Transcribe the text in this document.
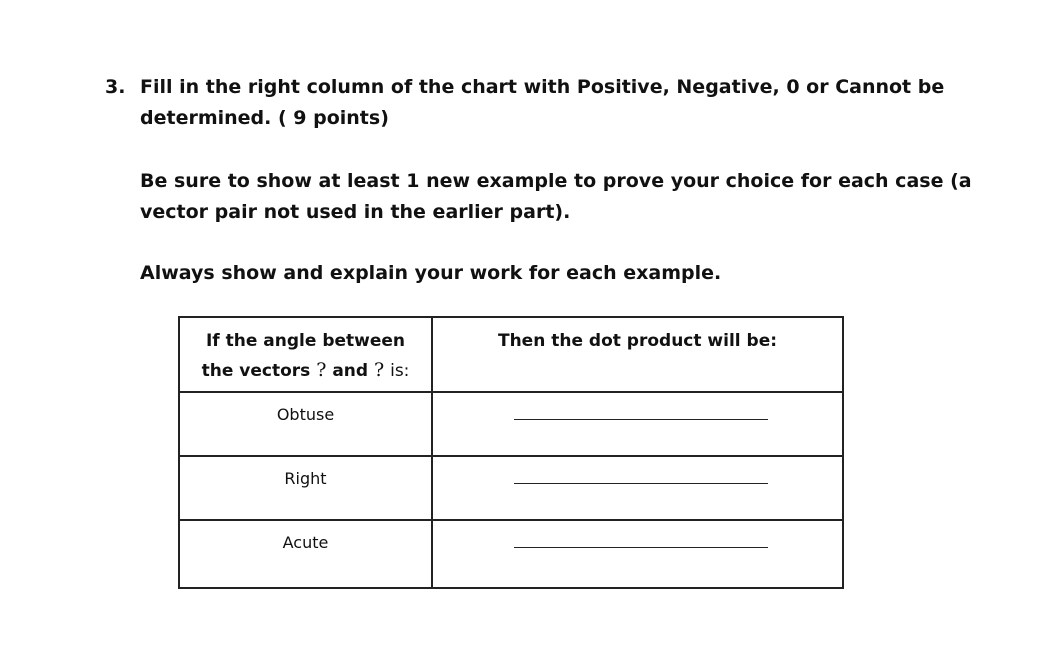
3. Fill in the right column of the chart with Positive, Negative, 0 or Cannot be determined. ( 9 points)

Be sure to show at least 1 new example to prove your choice for each case (a vector pair not used in the earlier part).

Always show and explain your work for each example.

If the angle between
the vectors ? and ? is:	Then the dot product will be:

Obtuse	

Right	

Acute	
